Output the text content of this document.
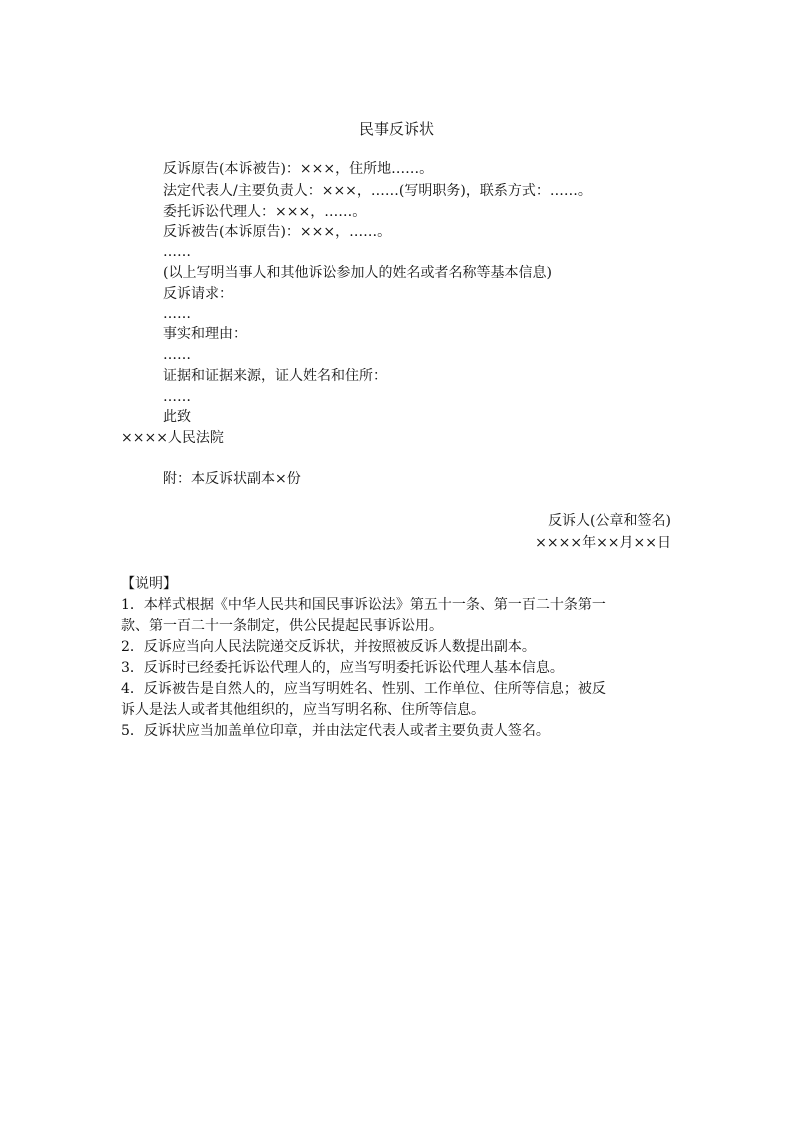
民事反诉状
反诉原告(本诉被告)：×××，住所地……。
法定代表人/主要负责人：×××，……(写明职务)，联系方式：……。
委托诉讼代理人：×××，……。
反诉被告(本诉原告)：×××，……。
……
(以上写明当事人和其他诉讼参加人的姓名或者名称等基本信息)
反诉请求：
……
事实和理由：
……
证据和证据来源，证人姓名和住所：
……
此致
××××人民法院
附：本反诉状副本×份
反诉人(公章和签名)
××××年××月××日
【说明】
1．本样式根据《中华人民共和国民事诉讼法》第五十一条、第一百二十条第一
款、第一百二十一条制定，供公民提起民事诉讼用。
2．反诉应当向人民法院递交反诉状，并按照被反诉人数提出副本。
3．反诉时已经委托诉讼代理人的，应当写明委托诉讼代理人基本信息。
4．反诉被告是自然人的，应当写明姓名、性别、工作单位、住所等信息；被反
诉人是法人或者其他组织的，应当写明名称、住所等信息。
5．反诉状应当加盖单位印章，并由法定代表人或者主要负责人签名。
